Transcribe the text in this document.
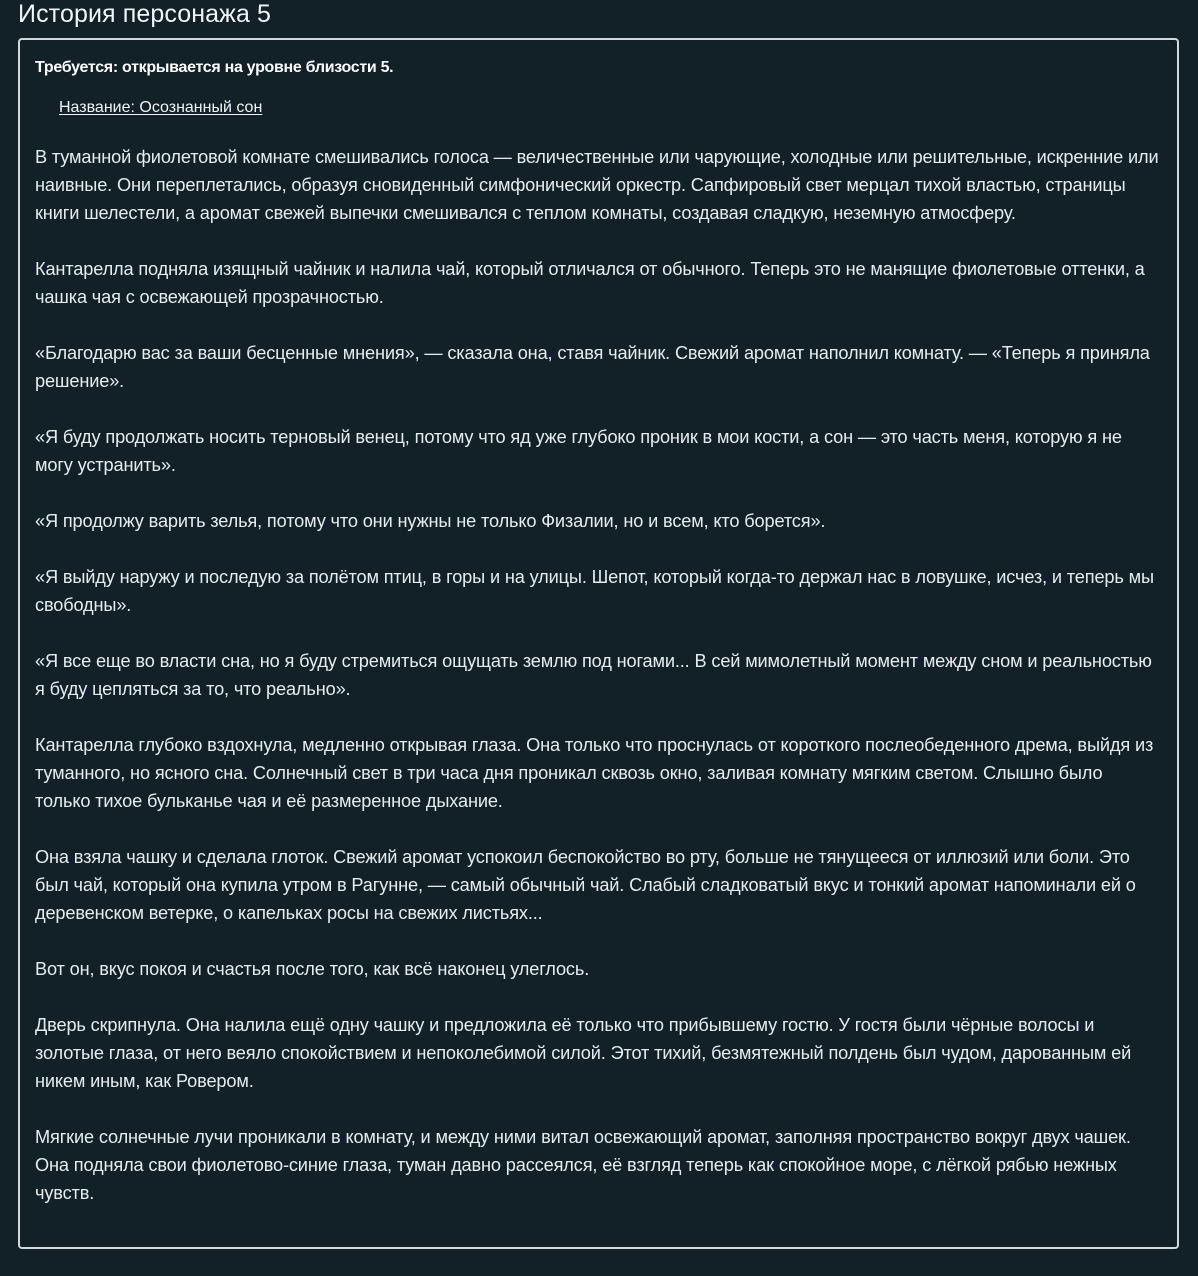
История персонажа 5

Требуется: открывается на уровне близости 5.

Название: Осознанный сон

В туманной фиолетовой комнате смешивались голоса — величественные или чарующие, холодные или решительные, искренние или наивные. Они переплетались, образуя сновиденный симфонический оркестр. Сапфировый свет мерцал тихой властью, страницы книги шелестели, а аромат свежей выпечки смешивался с теплом комнаты, создавая сладкую, неземную атмосферу.

Кантарелла подняла изящный чайник и налила чай, который отличался от обычного. Теперь это не манящие фиолетовые оттенки, а чашка чая с освежающей прозрачностью.

«Благодарю вас за ваши бесценные мнения», — сказала она, ставя чайник. Свежий аромат наполнил комнату. — «Теперь я приняла решение».

«Я буду продолжать носить терновый венец, потому что яд уже глубоко проник в мои кости, а сон — это часть меня, которую я не могу устранить».

«Я продолжу варить зелья, потому что они нужны не только Физалии, но и всем, кто борется».

«Я выйду наружу и последую за полётом птиц, в горы и на улицы. Шепот, который когда-то держал нас в ловушке, исчез, и теперь мы свободны».

«Я все еще во власти сна, но я буду стремиться ощущать землю под ногами... В сей мимолетный момент между сном и реальностью я буду цепляться за то, что реально».

Кантарелла глубоко вздохнула, медленно открывая глаза. Она только что проснулась от короткого послеобеденного дрема, выйдя из туманного, но ясного сна. Солнечный свет в три часа дня проникал сквозь окно, заливая комнату мягким светом. Слышно было только тихое бульканье чая и её размеренное дыхание.

Она взяла чашку и сделала глоток. Свежий аромат успокоил беспокойство во рту, больше не тянущееся от иллюзий или боли. Это был чай, который она купила утром в Рагунне, — самый обычный чай. Слабый сладковатый вкус и тонкий аромат напоминали ей о деревенском ветерке, о капельках росы на свежих листьях...

Вот он, вкус покоя и счастья после того, как всё наконец улеглось.

Дверь скрипнула. Она налила ещё одну чашку и предложила её только что прибывшему гостю. У гостя были чёрные волосы и золотые глаза, от него веяло спокойствием и непоколебимой силой. Этот тихий, безмятежный полдень был чудом, дарованным ей никем иным, как Ровером.

Мягкие солнечные лучи проникали в комнату, и между ними витал освежающий аромат, заполняя пространство вокруг двух чашек. Она подняла свои фиолетово-синие глаза, туман давно рассеялся, её взгляд теперь как спокойное море, с лёгкой рябью нежных чувств.
